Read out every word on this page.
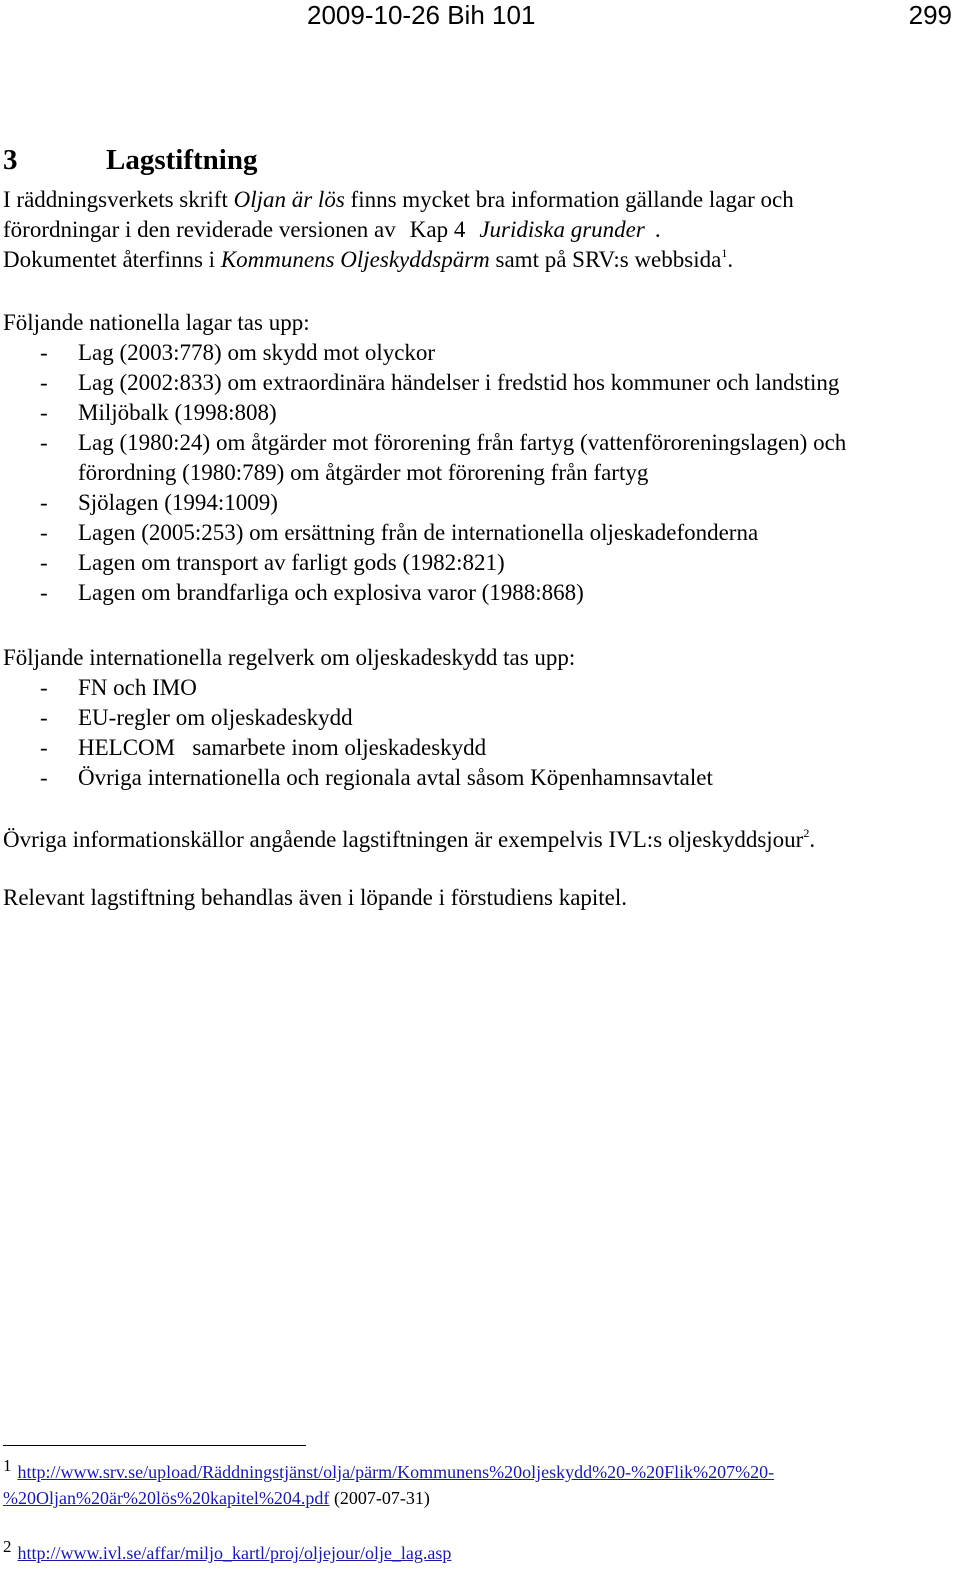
2009-10-26 Bih 101	299
3	Lagstiftning
I räddningsverkets skrift Oljan är lös finns mycket bra information gällande lagar och
förordningar i den reviderade versionen av Kap 4 Juridiska grunder .
Dokumentet återfinns i Kommunens Oljeskyddspärm samt på SRV:s webbsida$^1$.
Följande nationella lagar tas upp:
- Lag (2003:778) om skydd mot olyckor
- Lag (2002:833) om extraordinära händelser i fredstid hos kommuner och landsting
- Miljöbalk (1998:808)
- Lag (1980:24) om åtgärder mot förorening från fartyg (vattenföroreningslagen) och förordning (1980:789) om åtgärder mot förorening från fartyg
- Sjölagen (1994:1009)
- Lagen (2005:253) om ersättning från de internationella oljeskadefonderna
- Lagen om transport av farligt gods (1982:821)
- Lagen om brandfarliga och explosiva varor (1988:868)
Följande internationella regelverk om oljeskadeskydd tas upp:
- FN och IMO
- EU-regler om oljeskadeskydd
- HELCOM   samarbete inom oljeskadeskydd
- Övriga internationella och regionala avtal såsom Köpenhamnsavtalet
Övriga informationskällor angående lagstiftningen är exempelvis IVL:s oljeskyddsjour$^2$.
Relevant lagstiftning behandlas även i löpande i förstudiens kapitel.
1 http://www.srv.se/upload/Räddningstjänst/olja/pärm/Kommunens%20oljeskydd%20-%20Flik%207%20-
%20Oljan%20är%20lös%20kapitel%204.pdf (2007-07-31)
2 http://www.ivl.se/affar/miljo_kartl/proj/oljejour/olje_lag.asp
